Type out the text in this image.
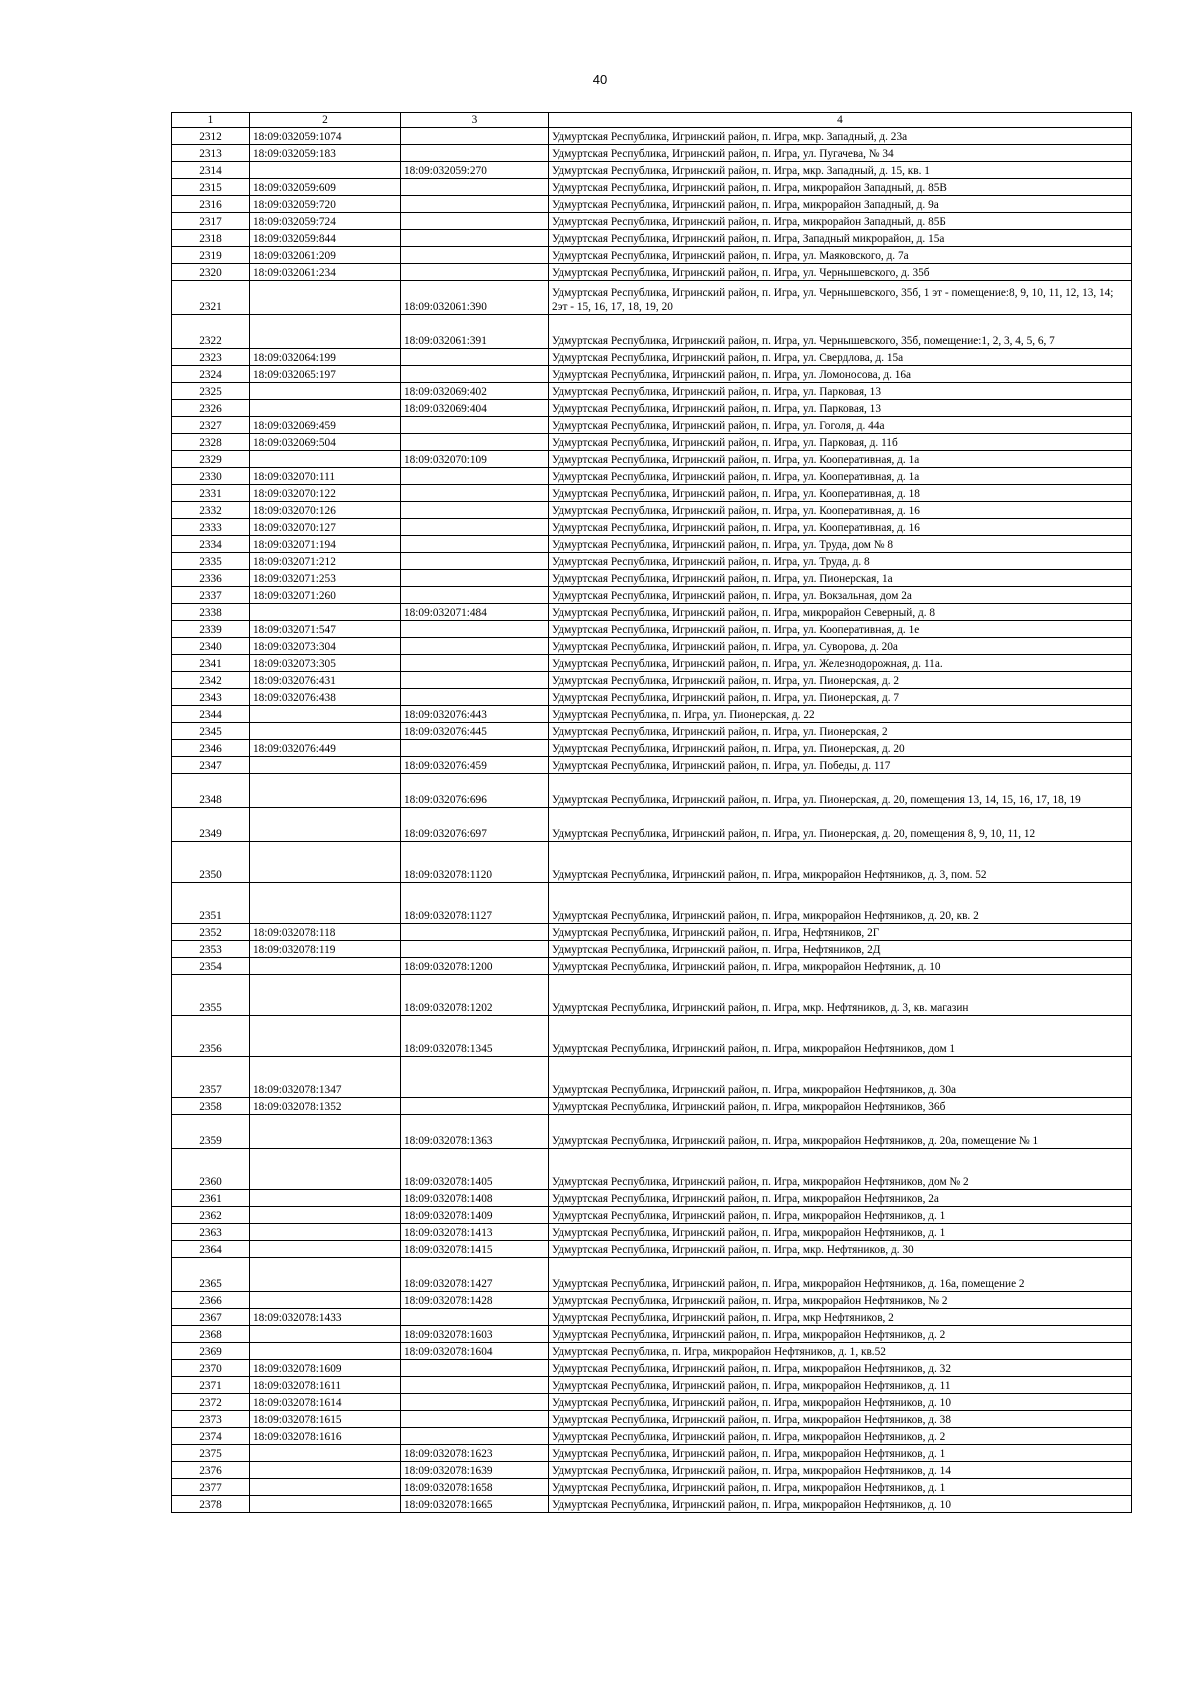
40
1	2	3	4
2312	18:09:032059:1074		Удмуртская Республика, Игринский район, п. Игра, мкр. Западный, д. 23а
2313	18:09:032059:183		Удмуртская Республика, Игринский район, п. Игра, ул. Пугачева, № 34
2314		18:09:032059:270	Удмуртская Республика, Игринский район, п. Игра, мкр. Западный, д. 15, кв. 1
2315	18:09:032059:609		Удмуртская Республика, Игринский район, п. Игра, микрорайон Западный, д. 85В
2316	18:09:032059:720		Удмуртская Республика, Игринский район, п. Игра, микрорайон Западный, д. 9а
2317	18:09:032059:724		Удмуртская Республика, Игринский район, п. Игра, микрорайон Западный, д. 85Б
2318	18:09:032059:844		Удмуртская Республика, Игринский район, п. Игра, Западный микрорайон, д. 15а
2319	18:09:032061:209		Удмуртская Республика, Игринский район, п. Игра, ул. Маяковского, д. 7а
2320	18:09:032061:234		Удмуртская Республика, Игринский район, п. Игра, ул. Чернышевского, д. 35б
2321		18:09:032061:390	Удмуртская Республика, Игринский район, п. Игра, ул. Чернышевского, 35б, 1 эт - помещение:8, 9, 10, 11, 12, 13, 14; 2эт - 15, 16, 17, 18, 19, 20
2322		18:09:032061:391	Удмуртская Республика, Игринский район, п. Игра, ул. Чернышевского, 35б, помещение:1, 2, 3, 4, 5, 6, 7
2323	18:09:032064:199		Удмуртская Республика, Игринский район, п. Игра, ул. Свердлова, д. 15а
2324	18:09:032065:197		Удмуртская Республика, Игринский район, п. Игра, ул. Ломоносова, д. 16а
2325		18:09:032069:402	Удмуртская Республика, Игринский район, п. Игра, ул. Парковая, 13
2326		18:09:032069:404	Удмуртская Республика, Игринский район, п. Игра, ул. Парковая, 13
2327	18:09:032069:459		Удмуртская Республика, Игринский район, п. Игра, ул. Гоголя, д. 44а
2328	18:09:032069:504		Удмуртская Республика, Игринский район, п. Игра, ул. Парковая, д. 11б
2329		18:09:032070:109	Удмуртская Республика, Игринский район, п. Игра, ул. Кооперативная, д. 1а
2330	18:09:032070:111		Удмуртская Республика, Игринский район, п. Игра, ул. Кооперативная, д. 1а
2331	18:09:032070:122		Удмуртская Республика, Игринский район, п. Игра, ул. Кооперативная, д. 18
2332	18:09:032070:126		Удмуртская Республика, Игринский район, п. Игра, ул. Кооперативная, д. 16
2333	18:09:032070:127		Удмуртская Республика, Игринский район, п. Игра, ул. Кооперативная, д. 16
2334	18:09:032071:194		Удмуртская Республика, Игринский район, п. Игра, ул. Труда, дом № 8
2335	18:09:032071:212		Удмуртская Республика, Игринский район, п. Игра, ул. Труда, д. 8
2336	18:09:032071:253		Удмуртская Республика, Игринский район, п. Игра, ул. Пионерская, 1а
2337	18:09:032071:260		Удмуртская Республика, Игринский район, п. Игра, ул. Вокзальная, дом 2а
2338		18:09:032071:484	Удмуртская Республика, Игринский район, п. Игра, микрорайон Северный, д. 8
2339	18:09:032071:547		Удмуртская Республика, Игринский район, п. Игра, ул. Кооперативная, д. 1е
2340	18:09:032073:304		Удмуртская Республика, Игринский район, п. Игра, ул. Суворова, д. 20а
2341	18:09:032073:305		Удмуртская Республика, Игринский район, п. Игра, ул. Железнодорожная, д. 11а.
2342	18:09:032076:431		Удмуртская Республика, Игринский район, п. Игра, ул. Пионерская, д. 2
2343	18:09:032076:438		Удмуртская Республика, Игринский район, п. Игра, ул. Пионерская, д. 7
2344		18:09:032076:443	Удмуртская Республика, п. Игра, ул. Пионерская, д. 22
2345		18:09:032076:445	Удмуртская Республика, Игринский район, п. Игра, ул. Пионерская, 2
2346	18:09:032076:449		Удмуртская Республика, Игринский район, п. Игра, ул. Пионерская, д. 20
2347		18:09:032076:459	Удмуртская Республика, Игринский район, п. Игра, ул. Победы, д. 117
2348		18:09:032076:696	Удмуртская Республика, Игринский район, п. Игра, ул. Пионерская, д. 20, помещения 13, 14, 15, 16, 17, 18, 19
2349		18:09:032076:697	Удмуртская Республика, Игринский район, п. Игра, ул. Пионерская, д. 20, помещения 8, 9, 10, 11, 12
2350		18:09:032078:1120	Удмуртская Республика, Игринский район, п. Игра, микрорайон Нефтяников, д. 3, пом. 52
2351		18:09:032078:1127	Удмуртская Республика, Игринский район, п. Игра, микрорайон Нефтяников, д. 20, кв. 2
2352	18:09:032078:118		Удмуртская Республика, Игринский район, п. Игра, Нефтяников, 2Г
2353	18:09:032078:119		Удмуртская Республика, Игринский район, п. Игра, Нефтяников, 2Д
2354		18:09:032078:1200	Удмуртская Республика, Игринский район, п. Игра, микрорайон Нефтяник, д. 10
2355		18:09:032078:1202	Удмуртская Республика, Игринский район, п. Игра, мкр. Нефтяников, д. 3, кв. магазин
2356		18:09:032078:1345	Удмуртская Республика, Игринский район, п. Игра, микрорайон Нефтяников, дом 1
2357	18:09:032078:1347		Удмуртская Республика, Игринский район, п. Игра, микрорайон Нефтяников, д. 30а
2358	18:09:032078:1352		Удмуртская Республика, Игринский район, п. Игра, микрорайон Нефтяников, 36б
2359		18:09:032078:1363	Удмуртская Республика, Игринский район, п. Игра, микрорайон Нефтяников, д. 20а, помещение № 1
2360		18:09:032078:1405	Удмуртская Республика, Игринский район, п. Игра, микрорайон Нефтяников, дом № 2
2361		18:09:032078:1408	Удмуртская Республика, Игринский район, п. Игра, микрорайон Нефтяников, 2а
2362		18:09:032078:1409	Удмуртская Республика, Игринский район, п. Игра, микрорайон Нефтяников, д. 1
2363		18:09:032078:1413	Удмуртская Республика, Игринский район, п. Игра, микрорайон Нефтяников, д. 1
2364		18:09:032078:1415	Удмуртская Республика, Игринский район, п. Игра, мкр. Нефтяников, д. 30
2365		18:09:032078:1427	Удмуртская Республика, Игринский район, п. Игра, микрорайон Нефтяников, д. 16а, помещение 2
2366		18:09:032078:1428	Удмуртская Республика, Игринский район, п. Игра, микрорайон Нефтяников, № 2
2367	18:09:032078:1433		Удмуртская Республика, Игринский район, п. Игра, мкр Нефтяников, 2
2368		18:09:032078:1603	Удмуртская Республика, Игринский район, п. Игра, микрорайон Нефтяников, д. 2
2369		18:09:032078:1604	Удмуртская Республика, п. Игра, микрорайон Нефтяников, д. 1, кв.52
2370	18:09:032078:1609		Удмуртская Республика, Игринский район, п. Игра, микрорайон Нефтяников, д. 32
2371	18:09:032078:1611		Удмуртская Республика, Игринский район, п. Игра, микрорайон Нефтяников, д. 11
2372	18:09:032078:1614		Удмуртская Республика, Игринский район, п. Игра, микрорайон Нефтяников, д. 10
2373	18:09:032078:1615		Удмуртская Республика, Игринский район, п. Игра, микрорайон Нефтяников, д. 38
2374	18:09:032078:1616		Удмуртская Республика, Игринский район, п. Игра, микрорайон Нефтяников, д. 2
2375		18:09:032078:1623	Удмуртская Республика, Игринский район, п. Игра, микрорайон Нефтяников, д. 1
2376		18:09:032078:1639	Удмуртская Республика, Игринский район, п. Игра, микрорайон Нефтяников, д. 14
2377		18:09:032078:1658	Удмуртская Республика, Игринский район, п. Игра, микрорайон Нефтяников, д. 1
2378		18:09:032078:1665	Удмуртская Республика, Игринский район, п. Игра, микрорайон Нефтяников, д. 10
